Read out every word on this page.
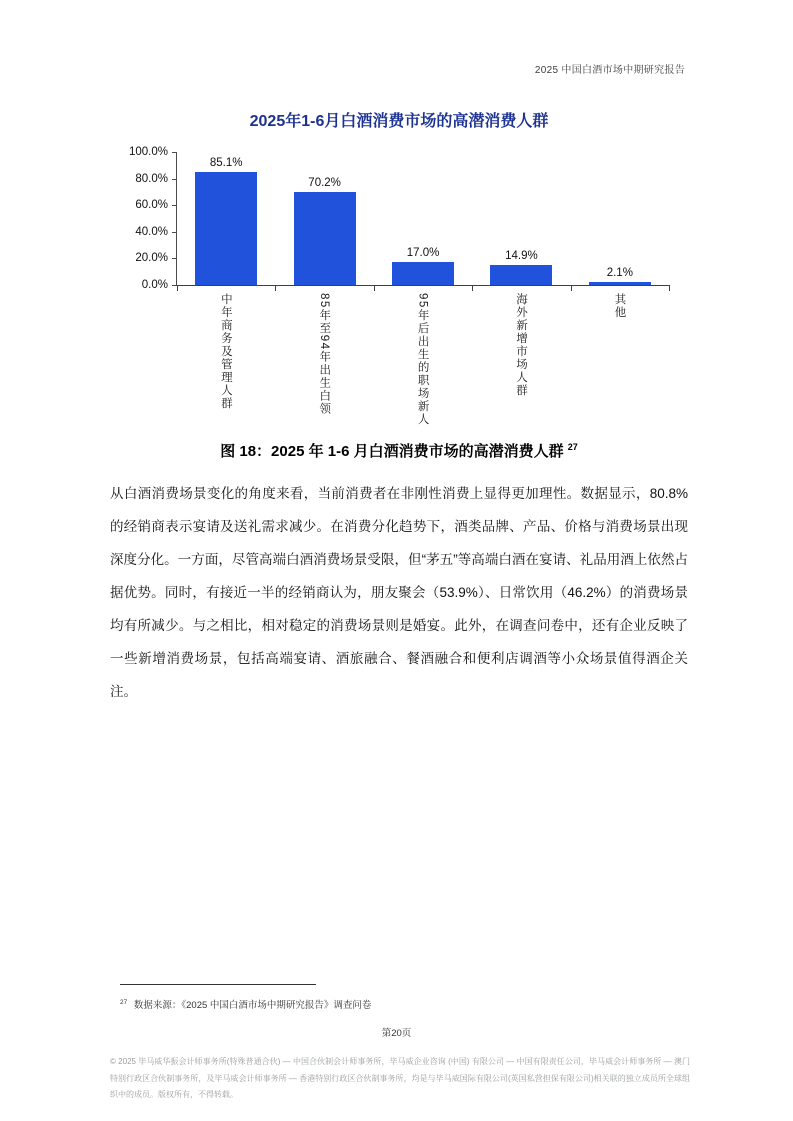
2025 中国白酒市场中期研究报告
2025年1-6月白酒消费市场的高潜消费人群
100.0%
80.0%
60.0%
40.0%
20.0%
0.0%
85.1%
70.2%
17.0%	14.9%
2.1%
中年商务及管理人群	85年至94年出生白领	95年后出生的职场新人	海外新增市场人群	其他
图 18：2025 年 1-6 月白酒消费市场的高潜消费人群 $^{27}$
从白酒消费场景变化的角度来看，当前消费者在非刚性消费上显得更加理性。数据显示，80.8%的经销商表示宴请及送礼需求减少。在消费分化趋势下，酒类品牌、产品、价格与消费场景出现深度分化。一方面，尽管高端白酒消费场景受限，但“茅五”等高端白酒在宴请、礼品用酒上依然占据优势。同时，有接近一半的经销商认为，朋友聚会（53.9%）、日常饮用（46.2%）的消费场景均有所减少。与之相比，相对稳定的消费场景则是婚宴。此外，在调查问卷中，还有企业反映了一些新增消费场景，包括高端宴请、酒旅融合、餐酒融合和便利店调酒等小众场景值得酒企关注。
$^{27}$ 数据来源：《2025 中国白酒市场中期研究报告》调查问卷
第20页
© 2025 毕马威华振会计师事务所(特殊普通合伙) — 中国合伙制会计师事务所，毕马威企业咨询 (中国) 有限公司 — 中国有限责任公司，毕马威会计师事务所 — 澳门特别行政区合伙制事务所，及毕马威会计师事务所 — 香港特别行政区合伙制事务所，均是与毕马威国际有限公司(英国私营担保有限公司)相关联的独立成员所全球组织中的成员。版权所有，不得转载。
